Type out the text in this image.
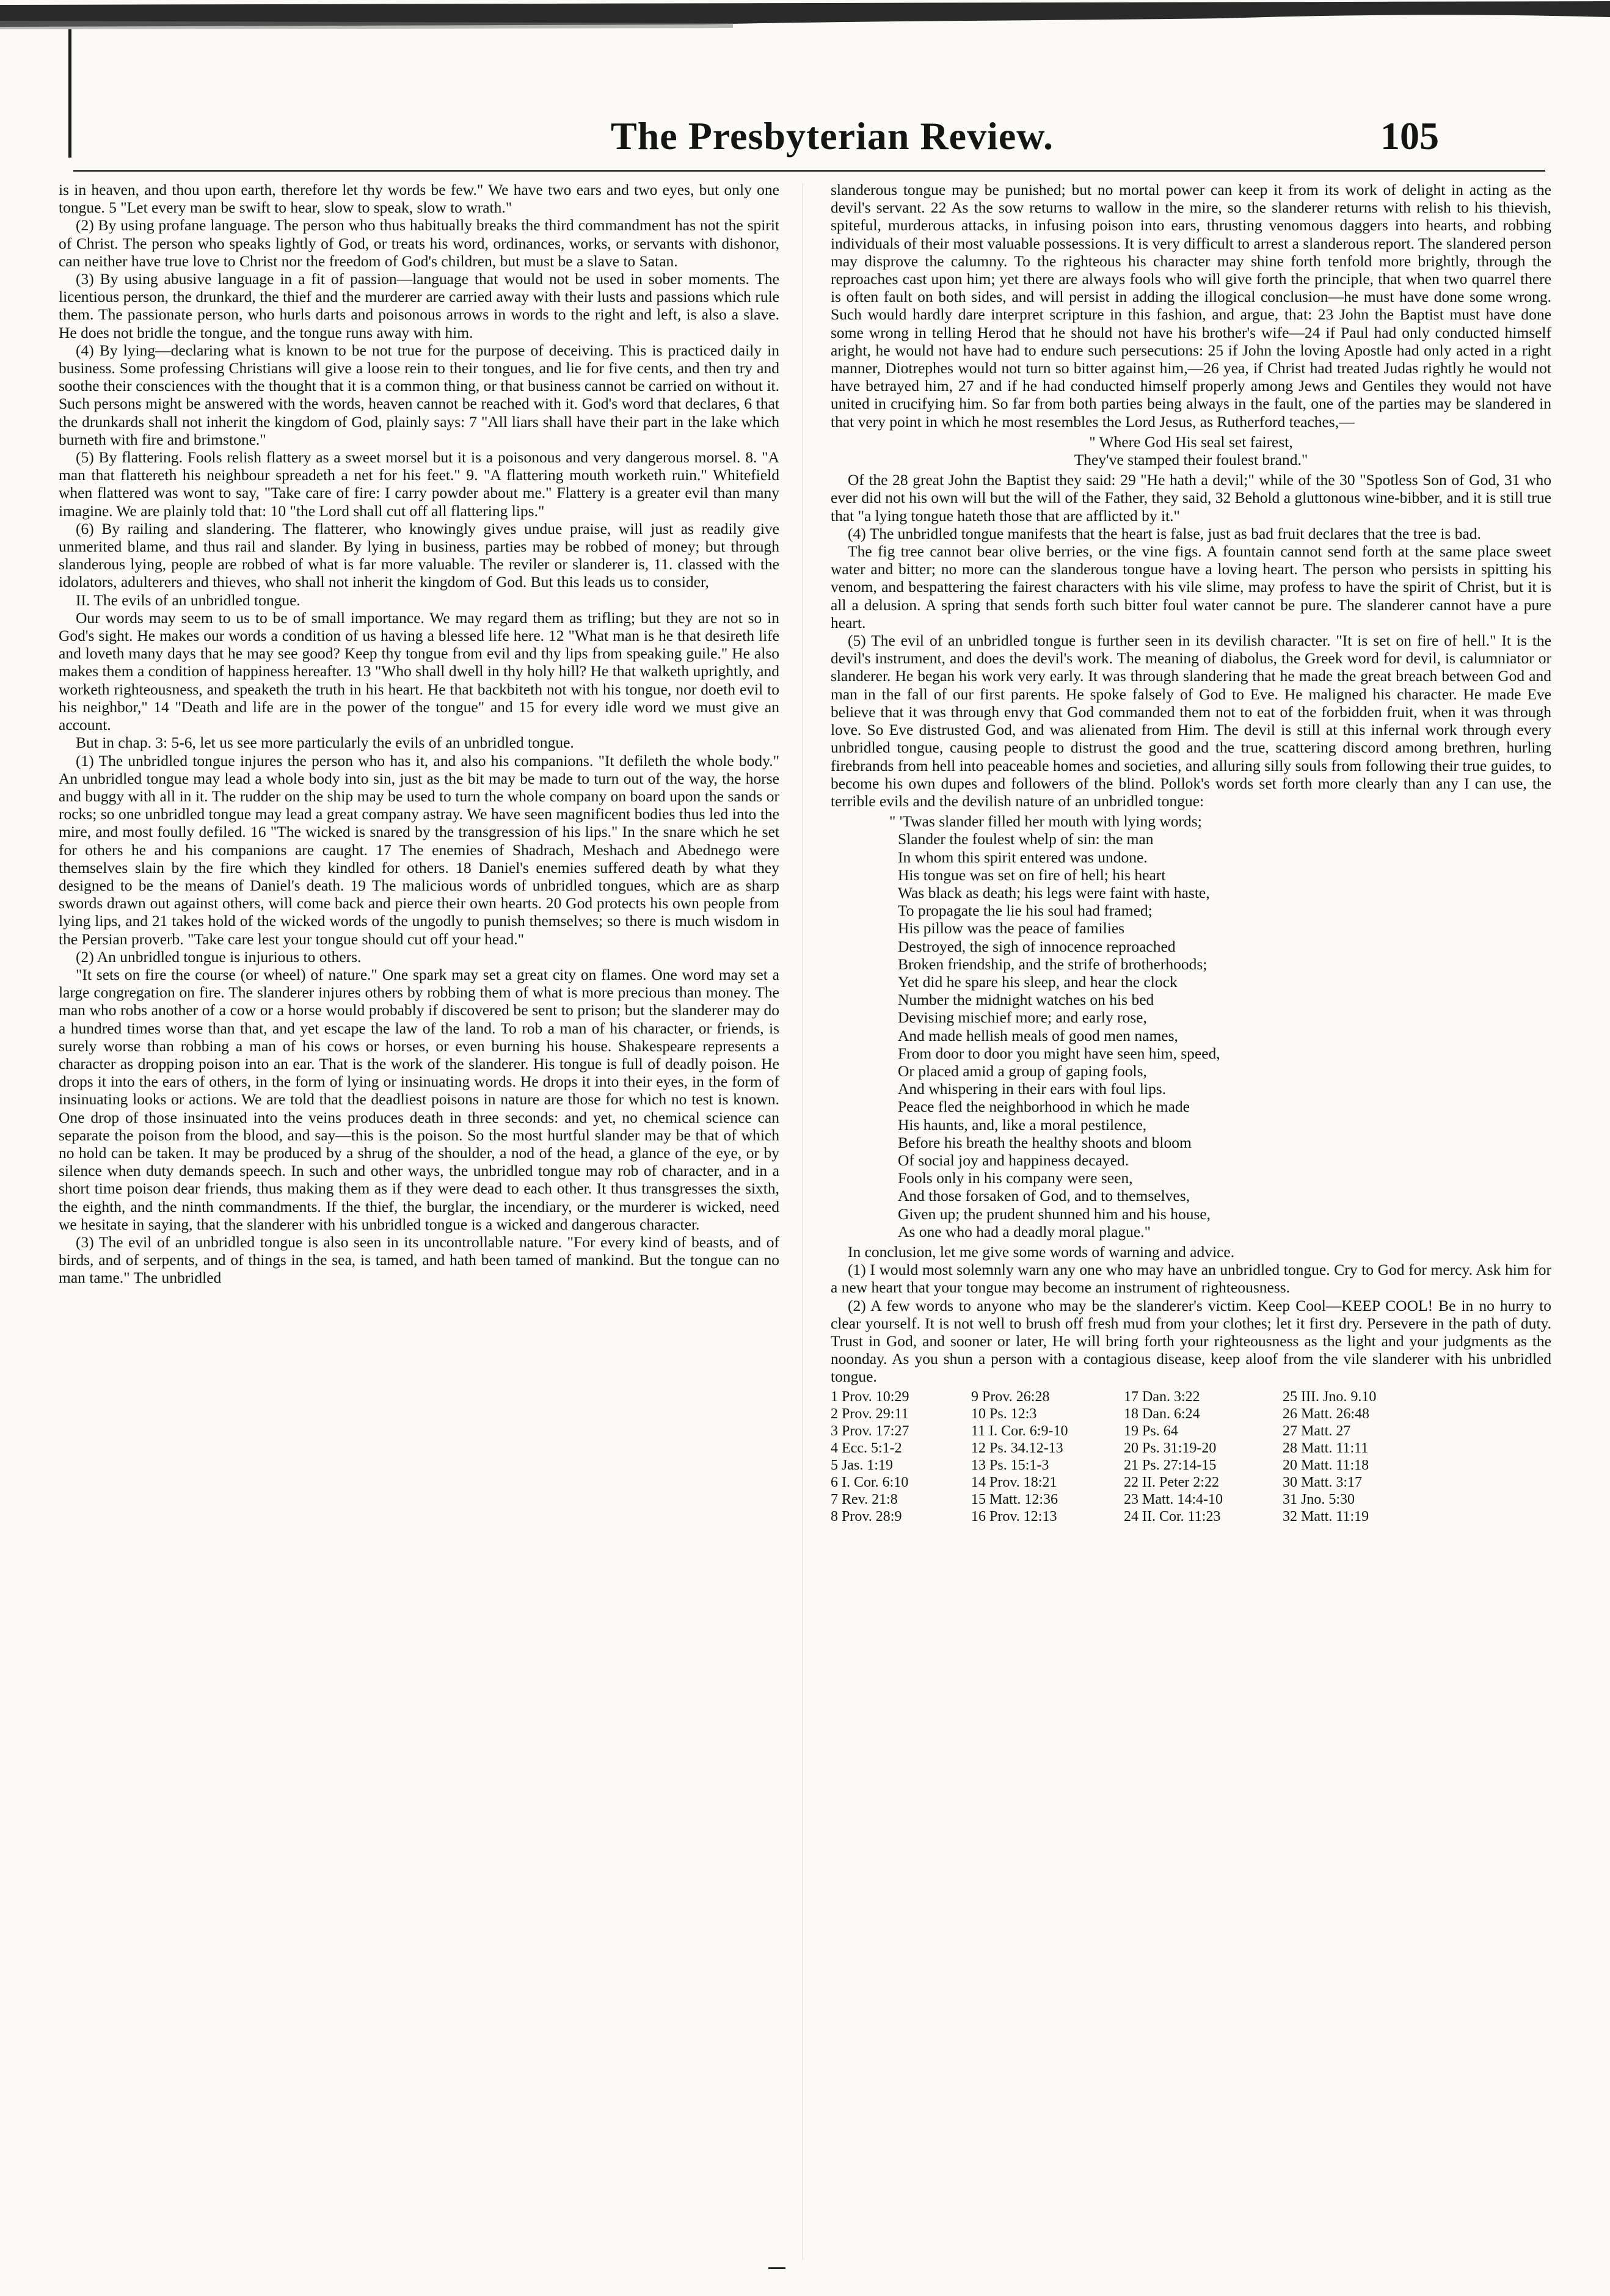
The Presbyterian Review.	105

is in heaven, and thou upon earth, therefore let thy words be few." We have two ears and two eyes, but only one tongue. 5 "Let every man be swift to hear, slow to speak, slow to wrath."

(2) By using profane language. The person who thus habitually breaks the third commandment has not the spirit of Christ. The person who speaks lightly of God, or treats his word, ordinances, works, or servants with dishonor, can neither have true love to Christ nor the freedom of God's children, but must be a slave to Satan.

(3) By using abusive language in a fit of passion—language that would not be used in sober moments. The licentious person, the drunkard, the thief and the murderer are carried away with their lusts and passions which rule them. The passionate person, who hurls darts and poisonous arrows in words to the right and left, is also a slave. He does not bridle the tongue, and the tongue runs away with him.

(4) By lying—declaring what is known to be not true for the purpose of deceiving. This is practiced daily in business. Some professing Christians will give a loose rein to their tongues, and lie for five cents, and then try and soothe their consciences with the thought that it is a common thing, or that business cannot be carried on without it. Such persons might be answered with the words, heaven cannot be reached with it. God's word that declares, 6 that the drunkards shall not inherit the kingdom of God, plainly says: 7 "All liars shall have their part in the lake which burneth with fire and brimstone."

(5) By flattering. Fools relish flattery as a sweet morsel but it is a poisonous and very dangerous morsel. 8. "A man that flattereth his neighbour spreadeth a net for his feet." 9. "A flattering mouth worketh ruin." Whitefield when flattered was wont to say, "Take care of fire: I carry powder about me." Flattery is a greater evil than many imagine. We are plainly told that: 10 "the Lord shall cut off all flattering lips."

(6) By railing and slandering. The flatterer, who knowingly gives undue praise, will just as readily give unmerited blame, and thus rail and slander. By lying in business, parties may be robbed of money; but through slanderous lying, people are robbed of what is far more valuable. The reviler or slanderer is, 11. classed with the idolators, adulterers and thieves, who shall not inherit the kingdom of God. But this leads us to consider,

II. The evils of an unbridled tongue.

Our words may seem to us to be of small importance. We may regard them as trifling; but they are not so in God's sight. He makes our words a condition of us having a blessed life here. 12 "What man is he that desireth life and loveth many days that he may see good? Keep thy tongue from evil and thy lips from speaking guile." He also makes them a condition of happiness hereafter. 13 "Who shall dwell in thy holy hill? He that walketh uprightly, and worketh righteousness, and speaketh the truth in his heart. He that backbiteth not with his tongue, nor doeth evil to his neighbor," 14 "Death and life are in the power of the tongue" and 15 for every idle word we must give an account.

But in chap. 3: 5-6, let us see more particularly the evils of an unbridled tongue.

(1) The unbridled tongue injures the person who has it, and also his companions. "It defileth the whole body." An unbridled tongue may lead a whole body into sin, just as the bit may be made to turn out of the way, the horse and buggy with all in it. The rudder on the ship may be used to turn the whole company on board upon the sands or rocks; so one unbridled tongue may lead a great company astray. We have seen magnificent bodies thus led into the mire, and most foully defiled. 16 "The wicked is snared by the transgression of his lips." In the snare which he set for others he and his companions are caught. 17 The enemies of Shadrach, Meshach and Abednego were themselves slain by the fire which they kindled for others. 18 Daniel's enemies suffered death by what they designed to be the means of Daniel's death. 19 The malicious words of unbridled tongues, which are as sharp swords drawn out against others, will come back and pierce their own hearts. 20 God protects his own people from lying lips, and 21 takes hold of the wicked words of the ungodly to punish themselves; so there is much wisdom in the Persian proverb. "Take care lest your tongue should cut off your head."

(2) An unbridled tongue is injurious to others.

"It sets on fire the course (or wheel) of nature." One spark may set a great city on flames. One word may set a large congregation on fire. The slanderer injures others by robbing them of what is more precious than money. The man who robs another of a cow or a horse would probably if discovered be sent to prison; but the slanderer may do a hundred times worse than that, and yet escape the law of the land. To rob a man of his character, or friends, is surely worse than robbing a man of his cows or horses, or even burning his house. Shakespeare represents a character as dropping poison into an ear. That is the work of the slanderer. His tongue is full of deadly poison. He drops it into the ears of others, in the form of lying or insinuating words. He drops it into their eyes, in the form of insinuating looks or actions. We are told that the deadliest poisons in nature are those for which no test is known. One drop of those insinuated into the veins produces death in three seconds: and yet, no chemical science can separate the poison from the blood, and say—this is the poison. So the most hurtful slander may be that of which no hold can be taken. It may be produced by a shrug of the shoulder, a nod of the head, a glance of the eye, or by silence when duty demands speech. In such and other ways, the unbridled tongue may rob of character, and in a short time poison dear friends, thus making them as if they were dead to each other. It thus transgresses the sixth, the eighth, and the ninth commandments. If the thief, the burglar, the incendiary, or the murderer is wicked, need we hesitate in saying, that the slanderer with his unbridled tongue is a wicked and dangerous character.

(3) The evil of an unbridled tongue is also seen in its uncontrollable nature. "For every kind of beasts, and of birds, and of serpents, and of things in the sea, is tamed, and hath been tamed of mankind. But the tongue can no man tame." The unbridled

slanderous tongue may be punished; but no mortal power can keep it from its work of delight in acting as the devil's servant. 22 As the sow returns to wallow in the mire, so the slanderer returns with relish to his thievish, spiteful, murderous attacks, in infusing poison into ears, thrusting venomous daggers into hearts, and robbing individuals of their most valuable possessions. It is very difficult to arrest a slanderous report. The slandered person may disprove the calumny. To the righteous his character may shine forth tenfold more brightly, through the reproaches cast upon him; yet there are always fools who will give forth the principle, that when two quarrel there is often fault on both sides, and will persist in adding the illogical conclusion—he must have done some wrong. Such would hardly dare interpret scripture in this fashion, and argue, that: 23 John the Baptist must have done some wrong in telling Herod that he should not have his brother's wife—24 if Paul had only conducted himself aright, he would not have had to endure such persecutions: 25 if John the loving Apostle had only acted in a right manner, Diotrephes would not turn so bitter against him,—26 yea, if Christ had treated Judas rightly he would not have betrayed him, 27 and if he had conducted himself properly among Jews and Gentiles they would not have united in crucifying him. So far from both parties being always in the fault, one of the parties may be slandered in that very point in which he most resembles the Lord Jesus, as Rutherford teaches,—

" Where God His seal set fairest,
They've stamped their foulest brand."

Of the 28 great John the Baptist they said: 29 "He hath a devil;" while of the 30 "Spotless Son of God, 31 who ever did not his own will but the will of the Father, they said, 32 Behold a gluttonous wine-bibber, and it is still true that "a lying tongue hateth those that are afflicted by it."

(4) The unbridled tongue manifests that the heart is false, just as bad fruit declares that the tree is bad.

The fig tree cannot bear olive berries, or the vine figs. A fountain cannot send forth at the same place sweet water and bitter; no more can the slanderous tongue have a loving heart. The person who persists in spitting his venom, and bespattering the fairest characters with his vile slime, may profess to have the spirit of Christ, but it is all a delusion. A spring that sends forth such bitter foul water cannot be pure. The slanderer cannot have a pure heart.

(5) The evil of an unbridled tongue is further seen in its devilish character. "It is set on fire of hell." It is the devil's instrument, and does the devil's work. The meaning of diabolus, the Greek word for devil, is calumniator or slanderer. He began his work very early. It was through slandering that he made the great breach between God and man in the fall of our first parents. He spoke falsely of God to Eve. He maligned his character. He made Eve believe that it was through envy that God commanded them not to eat of the forbidden fruit, when it was through love. So Eve distrusted God, and was alienated from Him. The devil is still at this infernal work through every unbridled tongue, causing people to distrust the good and the true, scattering discord among brethren, hurling firebrands from hell into peaceable homes and societies, and alluring silly souls from following their true guides, to become his own dupes and followers of the blind. Pollok's words set forth more clearly than any I can use, the terrible evils and the devilish nature of an unbridled tongue:

" 'Twas slander filled her mouth with lying words;
Slander the foulest whelp of sin: the man
In whom this spirit entered was undone.
His tongue was set on fire of hell; his heart
Was black as death; his legs were faint with haste,
To propagate the lie his soul had framed;
His pillow was the peace of families
Destroyed, the sigh of innocence reproached
Broken friendship, and the strife of brotherhoods;
Yet did he spare his sleep, and hear the clock
Number the midnight watches on his bed
Devising mischief more; and early rose,
And made hellish meals of good men names,
From door to door you might have seen him, speed,
Or placed amid a group of gaping fools,
And whispering in their ears with foul lips.
Peace fled the neighborhood in which he made
His haunts, and, like a moral pestilence,
Before his breath the healthy shoots and bloom
Of social joy and happiness decayed.
Fools only in his company were seen,
And those forsaken of God, and to themselves,
Given up; the prudent shunned him and his house,
As one who had a deadly moral plague."

In conclusion, let me give some words of warning and advice.

(1) I would most solemnly warn any one who may have an unbridled tongue. Cry to God for mercy. Ask him for a new heart that your tongue may become an instrument of righteousness.

(2) A few words to anyone who may be the slanderer's victim. Keep Cool—KEEP COOL! Be in no hurry to clear yourself. It is not well to brush off fresh mud from your clothes; let it first dry. Persevere in the path of duty. Trust in God, and sooner or later, He will bring forth your righteousness as the light and your judgments as the noonday. As you shun a person with a contagious disease, keep aloof from the vile slanderer with his unbridled tongue.

1 Prov. 10:29	9 Prov. 26:28	17 Dan. 3:22	25 III. Jno. 9.10
2 Prov. 29:11	10 Ps. 12:3	18 Dan. 6:24	26 Matt. 26:48
3 Prov. 17:27	11 I. Cor. 6:9-10	19 Ps. 64	27 Matt. 27
4 Ecc. 5:1-2	12 Ps. 34.12-13	20 Ps. 31:19-20	28 Matt. 11:11
5 Jas. 1:19	13 Ps. 15:1-3	21 Ps. 27:14-15	20 Matt. 11:18
6 I. Cor. 6:10	14 Prov. 18:21	22 II. Peter 2:22	30 Matt. 3:17
7 Rev. 21:8	15 Matt. 12:36	23 Matt. 14:4-10	31 Jno. 5:30
8 Prov. 28:9	16 Prov. 12:13	24 II. Cor. 11:23	32 Matt. 11:19
